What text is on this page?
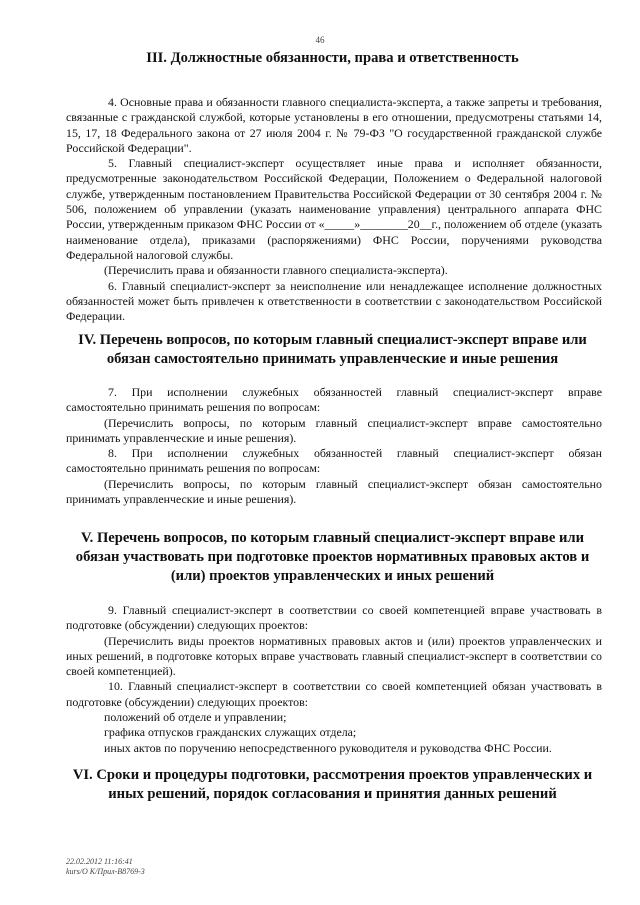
46
III. Должностные обязанности, права и ответственность

4. Основные права и обязанности главного специалиста-эксперта, а также запреты и требования, связанные с гражданской службой, которые установлены в его отношении, предусмотрены статьями 14, 15, 17, 18 Федерального закона от 27 июля 2004 г. № 79-ФЗ "О государственной гражданской службе Российской Федерации".

5. Главный специалист-эксперт осуществляет иные права и исполняет обязанности, предусмотренные законодательством Российской Федерации, Положением о Федеральной налоговой службе, утвержденным постановлением Правительства Российской Федерации от 30 сентября 2004 г. № 506, положением об управлении (указать наименование управления) центрального аппарата ФНС России, утвержденным приказом ФНС России от «_____»________20__г., положением об отделе (указать наименование отдела), приказами (распоряжениями) ФНС России, поручениями руководства Федеральной налоговой службы.

(Перечислить права и обязанности главного специалиста-эксперта).

6. Главный специалист-эксперт за неисполнение или ненадлежащее исполнение должностных обязанностей может быть привлечен к ответственности в соответствии с законодательством Российской Федерации.

IV. Перечень вопросов, по которым главный специалист-эксперт вправе или обязан самостоятельно принимать управленческие и иные решения

7. При исполнении служебных обязанностей главный специалист-эксперт вправе самостоятельно принимать решения по вопросам:

(Перечислить вопросы, по которым главный специалист-эксперт вправе самостоятельно принимать управленческие и иные решения).

8. При исполнении служебных обязанностей главный специалист-эксперт обязан самостоятельно принимать решения по вопросам:

(Перечислить вопросы, по которым главный специалист-эксперт обязан самостоятельно принимать управленческие и иные решения).

V. Перечень вопросов, по которым главный специалист-эксперт вправе или обязан участвовать при подготовке проектов нормативных правовых актов и (или) проектов управленческих и иных решений

9. Главный специалист-эксперт в соответствии со своей компетенцией вправе участвовать в подготовке (обсуждении) следующих проектов:

(Перечислить виды проектов нормативных правовых актов и (или) проектов управленческих и иных решений, в подготовке которых вправе участвовать главный специалист-эксперт в соответствии со своей компетенцией).

10. Главный специалист-эксперт в соответствии со своей компетенцией обязан участвовать в подготовке (обсуждении) следующих проектов:

положений об отделе и управлении;

графика отпусков гражданских служащих отдела;

иных актов по поручению непосредственного руководителя и руководства ФНС России.

VI. Сроки и процедуры подготовки, рассмотрения проектов управленческих и иных решений, порядок согласования и принятия данных решений
22.02.2012 11:16:41
kurs/О К/Прил-В8769-3
